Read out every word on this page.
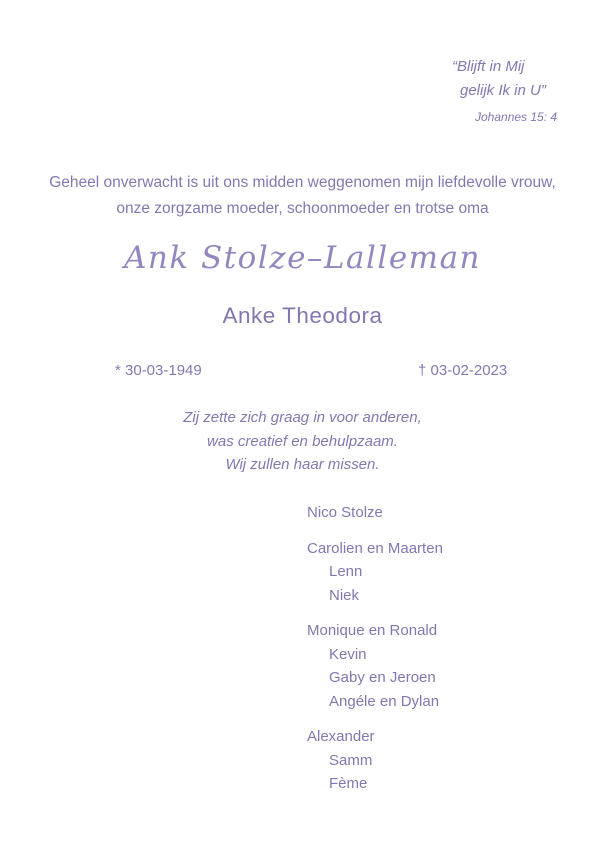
“Blijft in Mij
gelijk Ik in U”
Johannes 15: 4
Geheel onverwacht is uit ons midden weggenomen mijn liefdevolle vrouw,
onze zorgzame moeder, schoonmoeder en trotse oma
Ank Stolze–Lalleman
Anke Theodora
* 30-03-1949	† 03-02-2023
Zij zette zich graag in voor anderen,
was creatief en behulpzaam.
Wij zullen haar missen.
Nico Stolze
Carolien en Maarten
Lenn
Niek
Monique en Ronald
Kevin
Gaby en Jeroen
Angéle en Dylan
Alexander
Samm
Fème
